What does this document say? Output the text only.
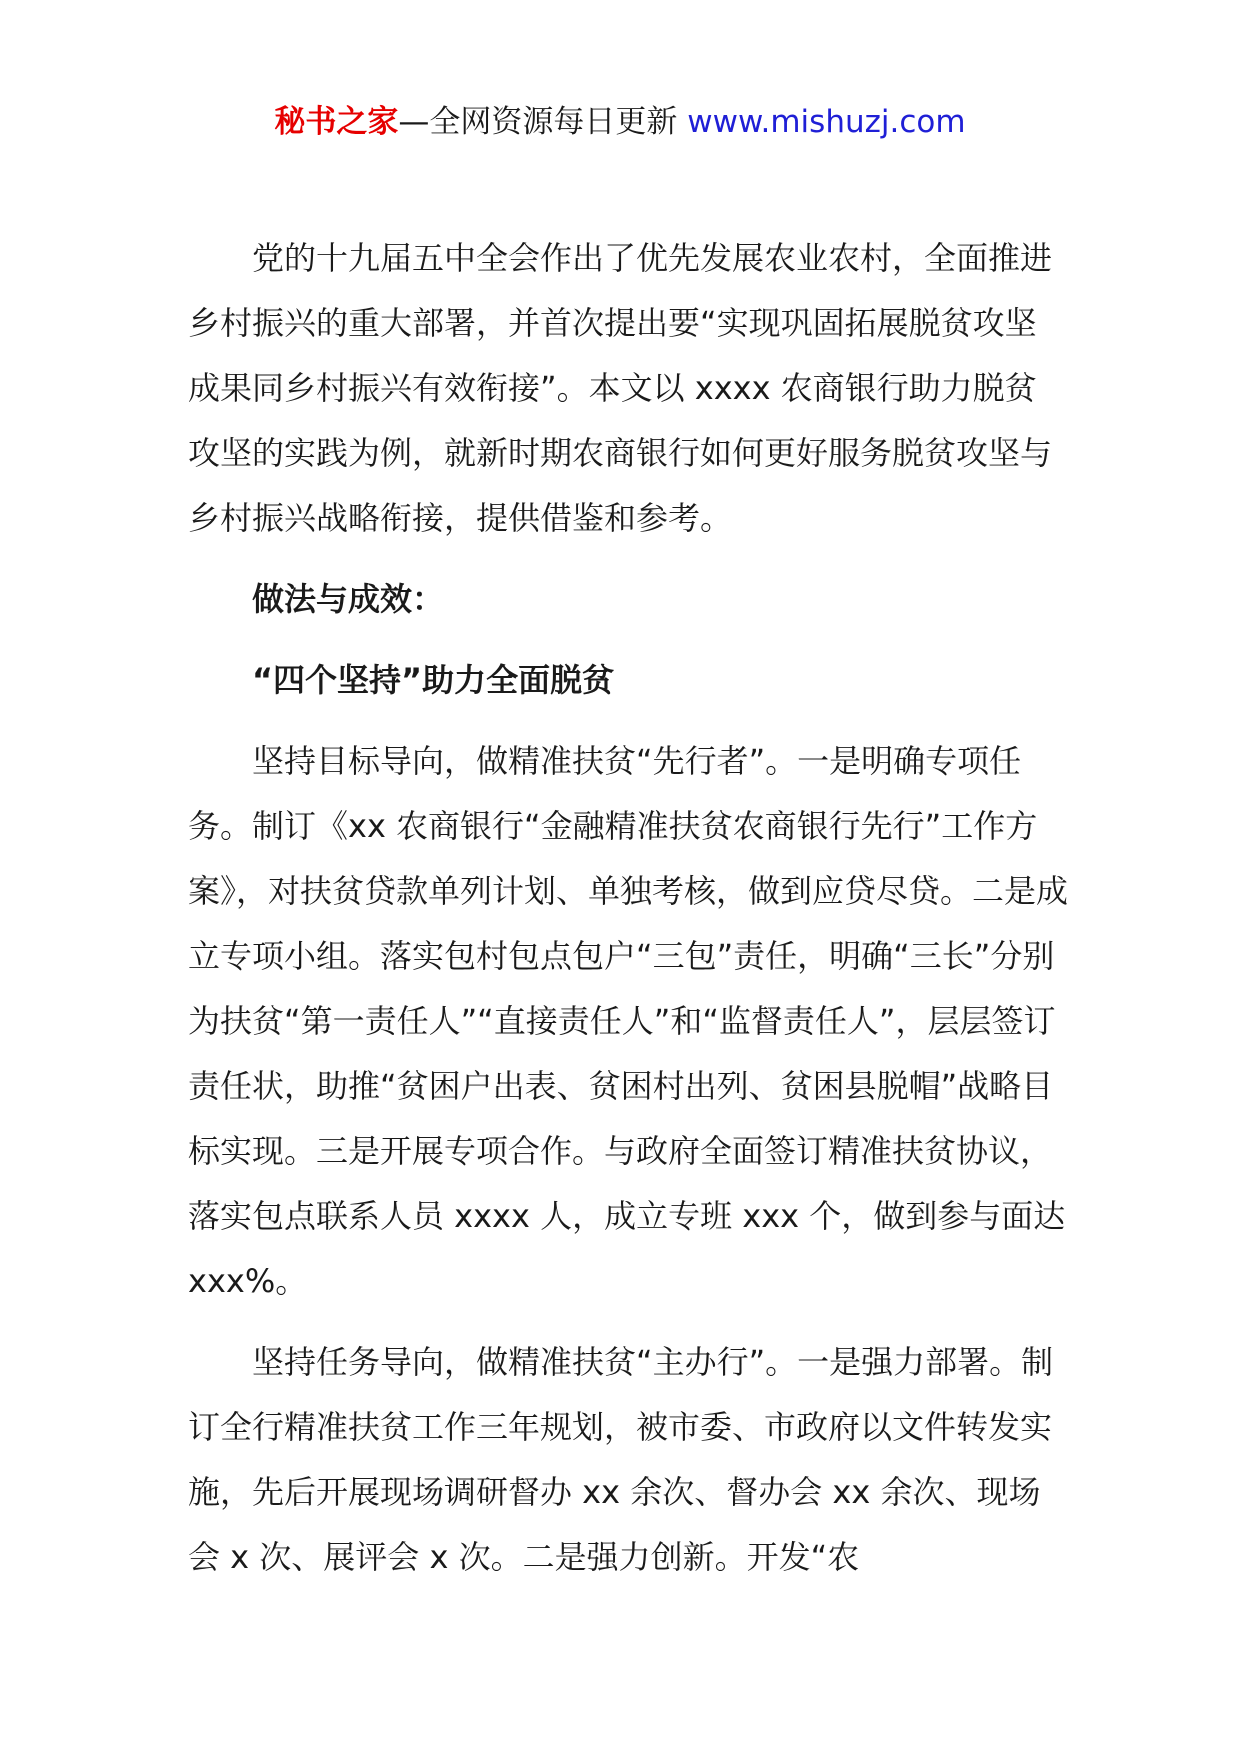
秘书之家—全网资源每日更新 www.mishuzj.com

党的十九届五中全会作出了优先发展农业农村，全面推进乡村振兴的重大部署，并首次提出要“实现巩固拓展脱贫攻坚成果同乡村振兴有效衔接”。本文以 xxxx 农商银行助力脱贫攻坚的实践为例，就新时期农商银行如何更好服务脱贫攻坚与乡村振兴战略衔接，提供借鉴和参考。

做法与成效：

“四个坚持”助力全面脱贫

坚持目标导向，做精准扶贫“先行者”。一是明确专项任务。制订《xx 农商银行“金融精准扶贫农商银行先行”工作方案》，对扶贫贷款单列计划、单独考核，做到应贷尽贷。二是成立专项小组。落实包村包点包户“三包”责任，明确“三长”分别为扶贫“第一责任人”“直接责任人”和“监督责任人”，层层签订责任状，助推“贫困户出表、贫困村出列、贫困县脱帽”战略目标实现。三是开展专项合作。与政府全面签订精准扶贫协议，落实包点联系人员 xxxx 人，成立专班 xxx 个，做到参与面达 xxx%。

坚持任务导向，做精准扶贫“主办行”。一是强力部署。制订全行精准扶贫工作三年规划，被市委、市政府以文件转发实施，先后开展现场调研督办 xx 余次、督办会 xx 余次、现场会 x 次、展评会 x 次。二是强力创新。开发“农
